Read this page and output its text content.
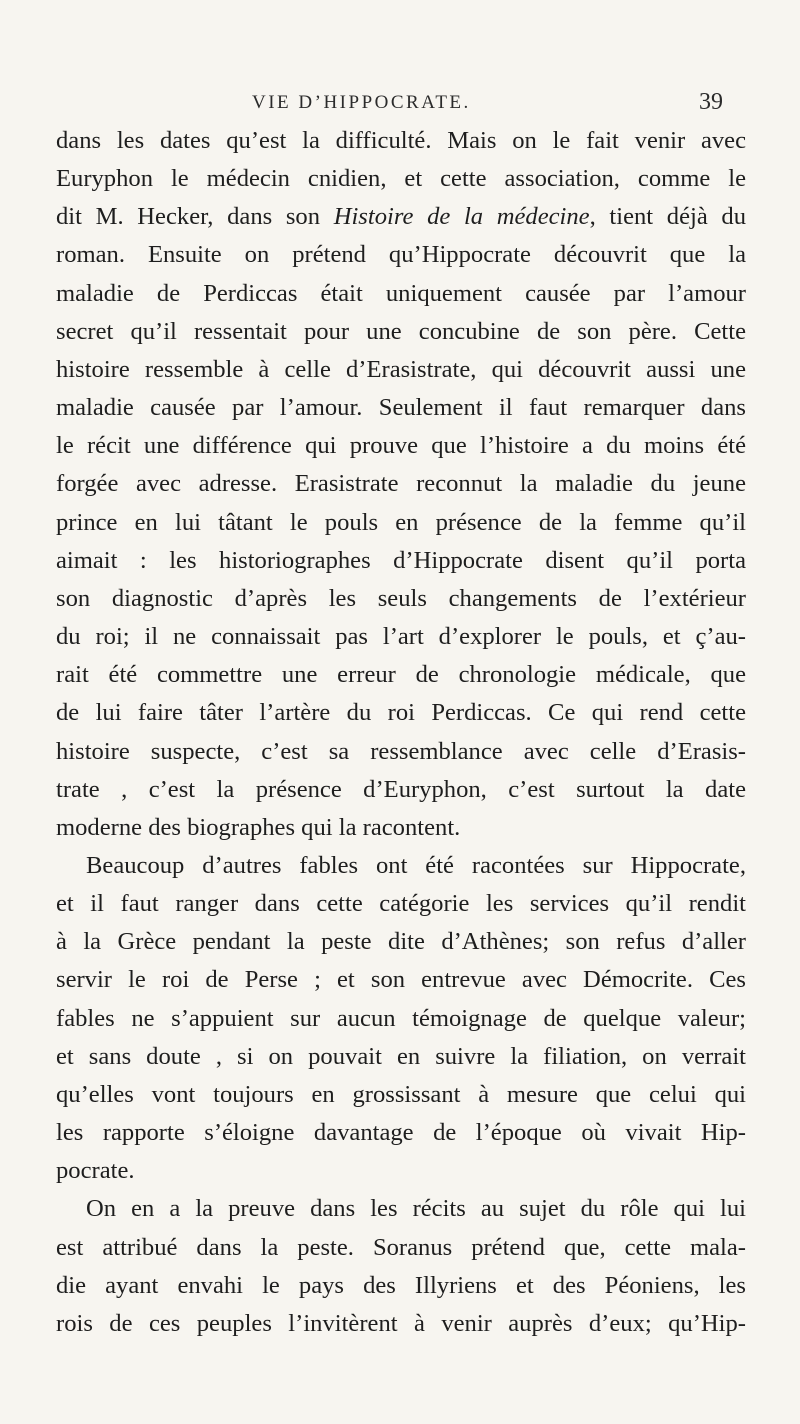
VIE D’HIPPOCRATE.	39
dans les dates qu’est la difficulté. Mais on le fait venir avec
Euryphon le médecin cnidien, et cette association, comme le
dit M. Hecker, dans son Histoire de la médecine, tient déjà du
roman. Ensuite on prétend qu’Hippocrate découvrit que la
maladie de Perdiccas était uniquement causée par l’amour
secret qu’il ressentait pour une concubine de son père. Cette
histoire ressemble à celle d’Erasistrate, qui découvrit aussi une
maladie causée par l’amour. Seulement il faut remarquer dans
le récit une différence qui prouve que l’histoire a du moins été
forgée avec adresse. Erasistrate reconnut la maladie du jeune
prince en lui tâtant le pouls en présence de la femme qu’il
aimait : les historiographes d’Hippocrate disent qu’il porta
son diagnostic d’après les seuls changements de l’extérieur
du roi; il ne connaissait pas l’art d’explorer le pouls, et ç’au-
rait été commettre une erreur de chronologie médicale, que
de lui faire tâter l’artère du roi Perdiccas. Ce qui rend cette
histoire suspecte, c’est sa ressemblance avec celle d’Erasis-
trate , c’est la présence d’Euryphon, c’est surtout la date
moderne des biographes qui la racontent.
Beaucoup d’autres fables ont été racontées sur Hippocrate,
et il faut ranger dans cette catégorie les services qu’il rendit
à la Grèce pendant la peste dite d’Athènes; son refus d’aller
servir le roi de Perse ; et son entrevue avec Démocrite. Ces
fables ne s’appuient sur aucun témoignage de quelque valeur;
et sans doute , si on pouvait en suivre la filiation, on verrait
qu’elles vont toujours en grossissant à mesure que celui qui
les rapporte s’éloigne davantage de l’époque où vivait Hip-
pocrate.
On en a la preuve dans les récits au sujet du rôle qui lui
est attribué dans la peste. Soranus prétend que, cette mala-
die ayant envahi le pays des Illyriens et des Péoniens, les
rois de ces peuples l’invitèrent à venir auprès d’eux; qu’Hip-
